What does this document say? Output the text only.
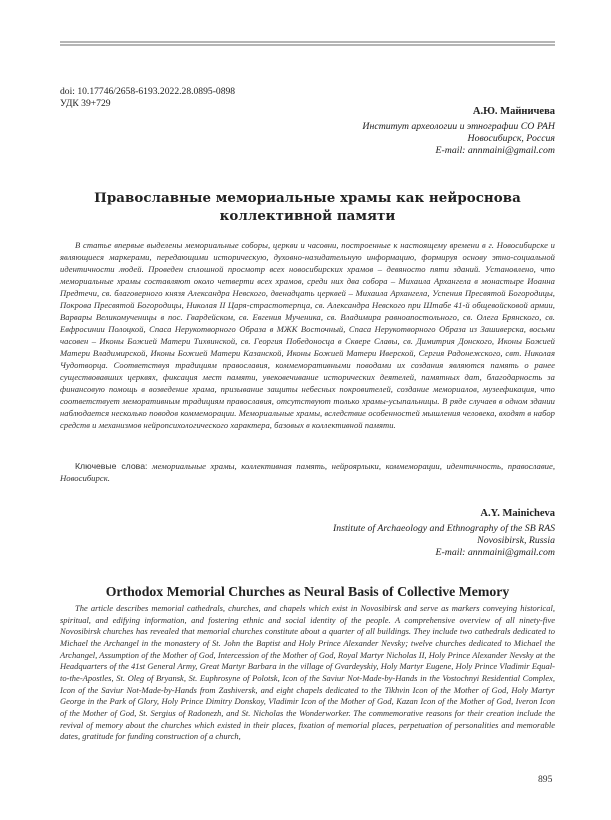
doi: 10.17746/2658-6193.2022.28.0895-0898
УДК 39+729
А.Ю. Майничева
Институт археологии и этнографии СО РАН
Новосибирск, Россия
E-mail: annmaini@gmail.com
Православные мемориальные храмы как нейроснова
коллективной памяти
В статье впервые выделены мемориальные соборы, церкви и часовни, построенные к настоящему времени в г. Новосибирске и являющиеся маркерами, передающими историческую, духовно-назидательную информацию, формируя основу этно-социальной идентичности людей. Проведен сплошной просмотр всех новосибирских храмов – девяносто пяти зданий. Установлено, что мемориальные храмы составляют около четверти всех храмов, среди них два собора – Михаила Архангела в монастыре Иоанна Предтечи, св. благоверного князя Александра Невского, двенадцать церквей – Михаила Архангела, Успения Пресвятой Богородицы, Покрова Пресвятой Богородицы, Николая II Царя-страстотерпца, св. Александра Невского при Штабе 41-й общевойсковой армии, Варвары Великомученицы в пос. Гвардейском, св. Евгения Мученика, св. Владимира равноапостольного, св. Олега Брянского, св. Евфросинии Полоцкой, Спаса Нерукотворного Образа в МЖК Восточный, Спаса Нерукотворного Образа из Зашиверска, восьми часовен – Иконы Божией Матери Тихвинской, св. Георгия Победоносца в Сквере Славы, св. Димитрия Донского, Иконы Божией Матери Владимирской, Иконы Божией Матери Казанской, Иконы Божией Матери Иверской, Сергия Радонежского, свт. Николая Чудотворца. Соответствуя традициям православия, коммеморативными поводами их создания являются память о ранее существовавших церквях, фиксация мест памяти, увековечивание исторических деятелей, памятных дат, благодарность за финансовую помощь в возведение храма, призывание защиты небесных покровителей, создание мемориалов, музеефикация, что соответствует меморативным традициям православия, отсутствуют только храмы-усыпальницы. В ряде случаев в одном здании наблюдается несколько поводов коммеморации. Мемориальные храмы, вследствие особенностей мышления человека, входят в набор средств и механизмов нейропсихологического характера, базовых в коллективной памяти.
Ключевые слова: мемориальные храмы, коллективная память, нейроярлыки, коммеморации, идентичность, православие, Новосибирск.
A.Y. Mainicheva
Institute of Archaeology and Ethnography of the SB RAS
Novosibirsk, Russia
E-mail: annmaini@gmail.com
Orthodox Memorial Churches as Neural Basis of Collective Memory
The article describes memorial cathedrals, churches, and chapels which exist in Novosibirsk and serve as markers conveying historical, spiritual, and edifying information, and fostering ethnic and social identity of the people. A comprehensive overview of all ninety-five Novosibirsk churches has revealed that memorial churches constitute about a quarter of all buildings. They include two cathedrals dedicated to Michael the Archangel in the monastery of St. John the Baptist and Holy Prince Alexander Nevsky; twelve churches dedicated to Michael the Archangel, Assumption of the Mother of God, Intercession of the Mother of God, Royal Martyr Nicholas II, Holy Prince Alexander Nevsky at the Headquarters of the 41st General Army, Great Martyr Barbara in the village of Gvardeyskiy, Holy Martyr Eugene, Holy Prince Vladimir Equal-to-the-Apostles, St. Oleg of Bryansk, St. Euphrosyne of Polotsk, Icon of the Saviur Not-Made-by-Hands in the Vostochnyi Residential Complex, Icon of the Saviur Not-Made-by-Hands from Zashiversk, and eight chapels dedicated to the Tikhvin Icon of the Mother of God, Holy Martyr George in the Park of Glory, Holy Prince Dimitry Donskoy, Vladimir Icon of the Mother of God, Kazan Icon of the Mother of God, Iveron Icon of the Mother of God, St. Sergius of Radonezh, and St. Nicholas the Wonderworker. The commemorative reasons for their creation include the revival of memory about the churches which existed in their places, fixation of memorial places, perpetuation of personalities and memorable dates, gratitude for funding construction of a church,
895
